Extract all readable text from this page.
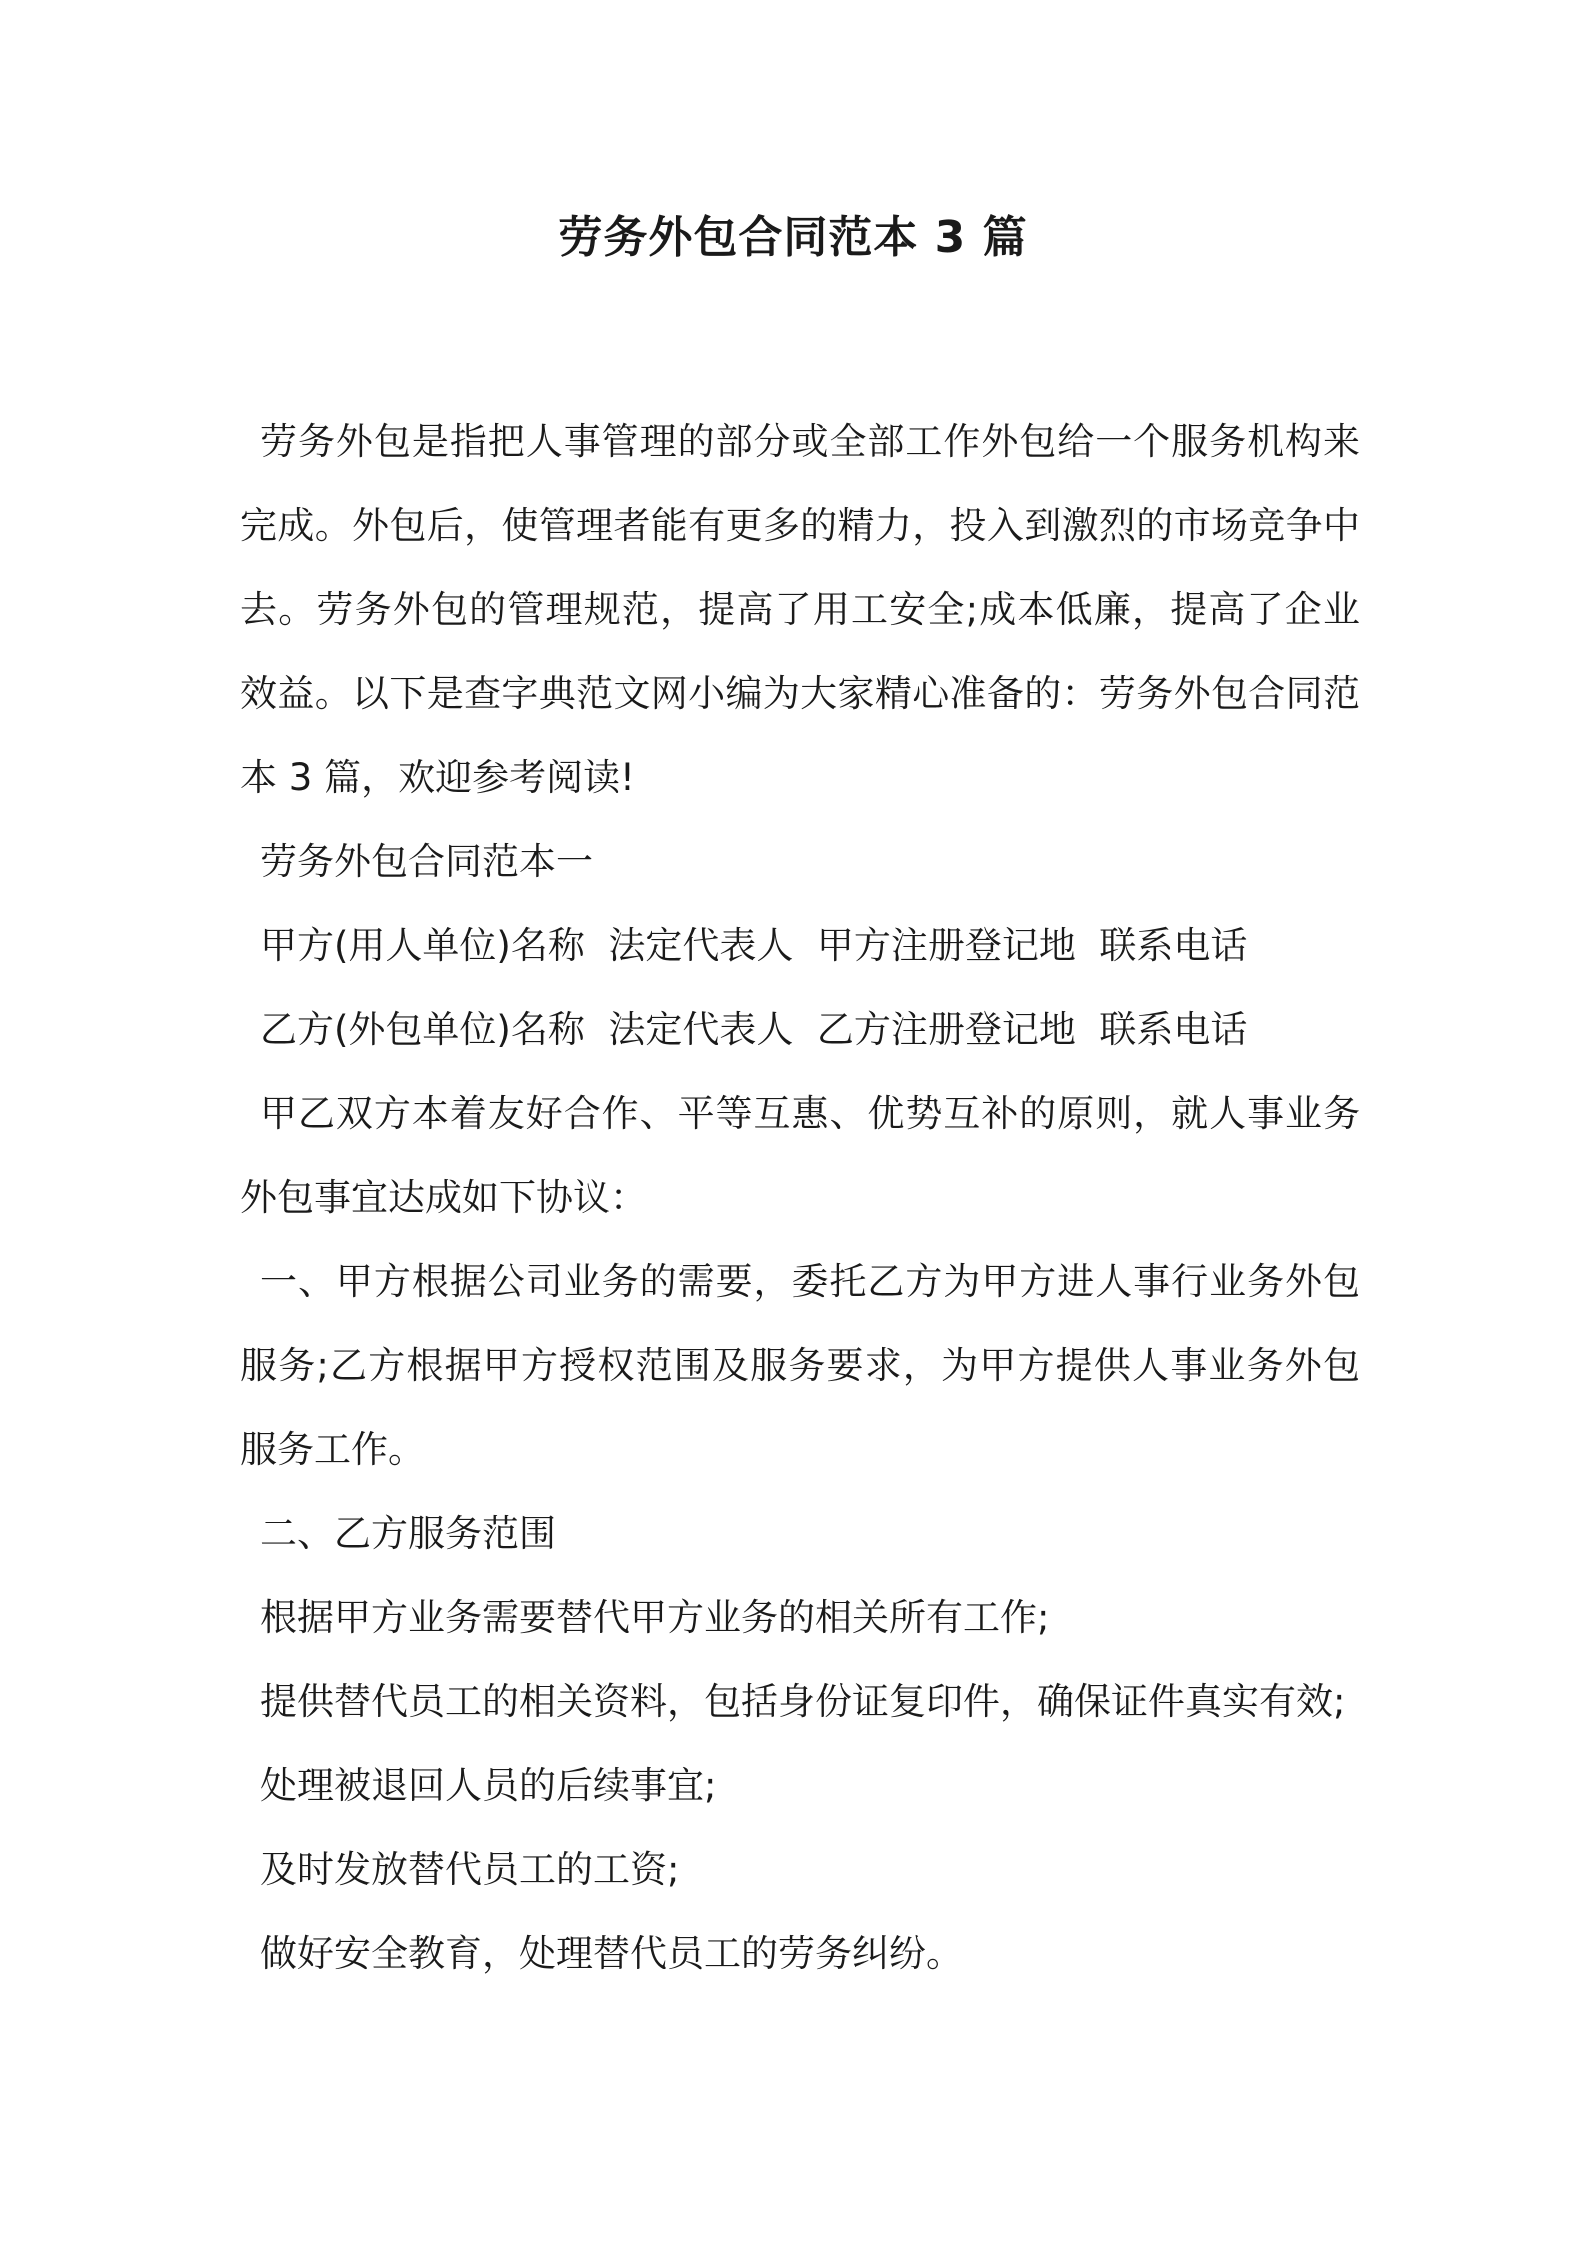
劳务外包合同范本 3 篇

劳务外包是指把人事管理的部分或全部工作外包给一个服务机构来完成。外包后，使管理者能有更多的精力，投入到激烈的市场竞争中去。劳务外包的管理规范，提高了用工安全;成本低廉，提高了企业效益。以下是查字典范文网小编为大家精心准备的：劳务外包合同范本 3 篇，欢迎参考阅读!

劳务外包合同范本一

甲方(用人单位)名称  法定代表人  甲方注册登记地  联系电话

乙方(外包单位)名称  法定代表人  乙方注册登记地  联系电话

甲乙双方本着友好合作、平等互惠、优势互补的原则，就人事业务外包事宜达成如下协议：

一、甲方根据公司业务的需要，委托乙方为甲方进人事行业务外包服务;乙方根据甲方授权范围及服务要求，为甲方提供人事业务外包服务工作。

二、乙方服务范围

根据甲方业务需要替代甲方业务的相关所有工作;

提供替代员工的相关资料，包括身份证复印件，确保证件真实有效;

处理被退回人员的后续事宜;

及时发放替代员工的工资;

做好安全教育，处理替代员工的劳务纠纷。
